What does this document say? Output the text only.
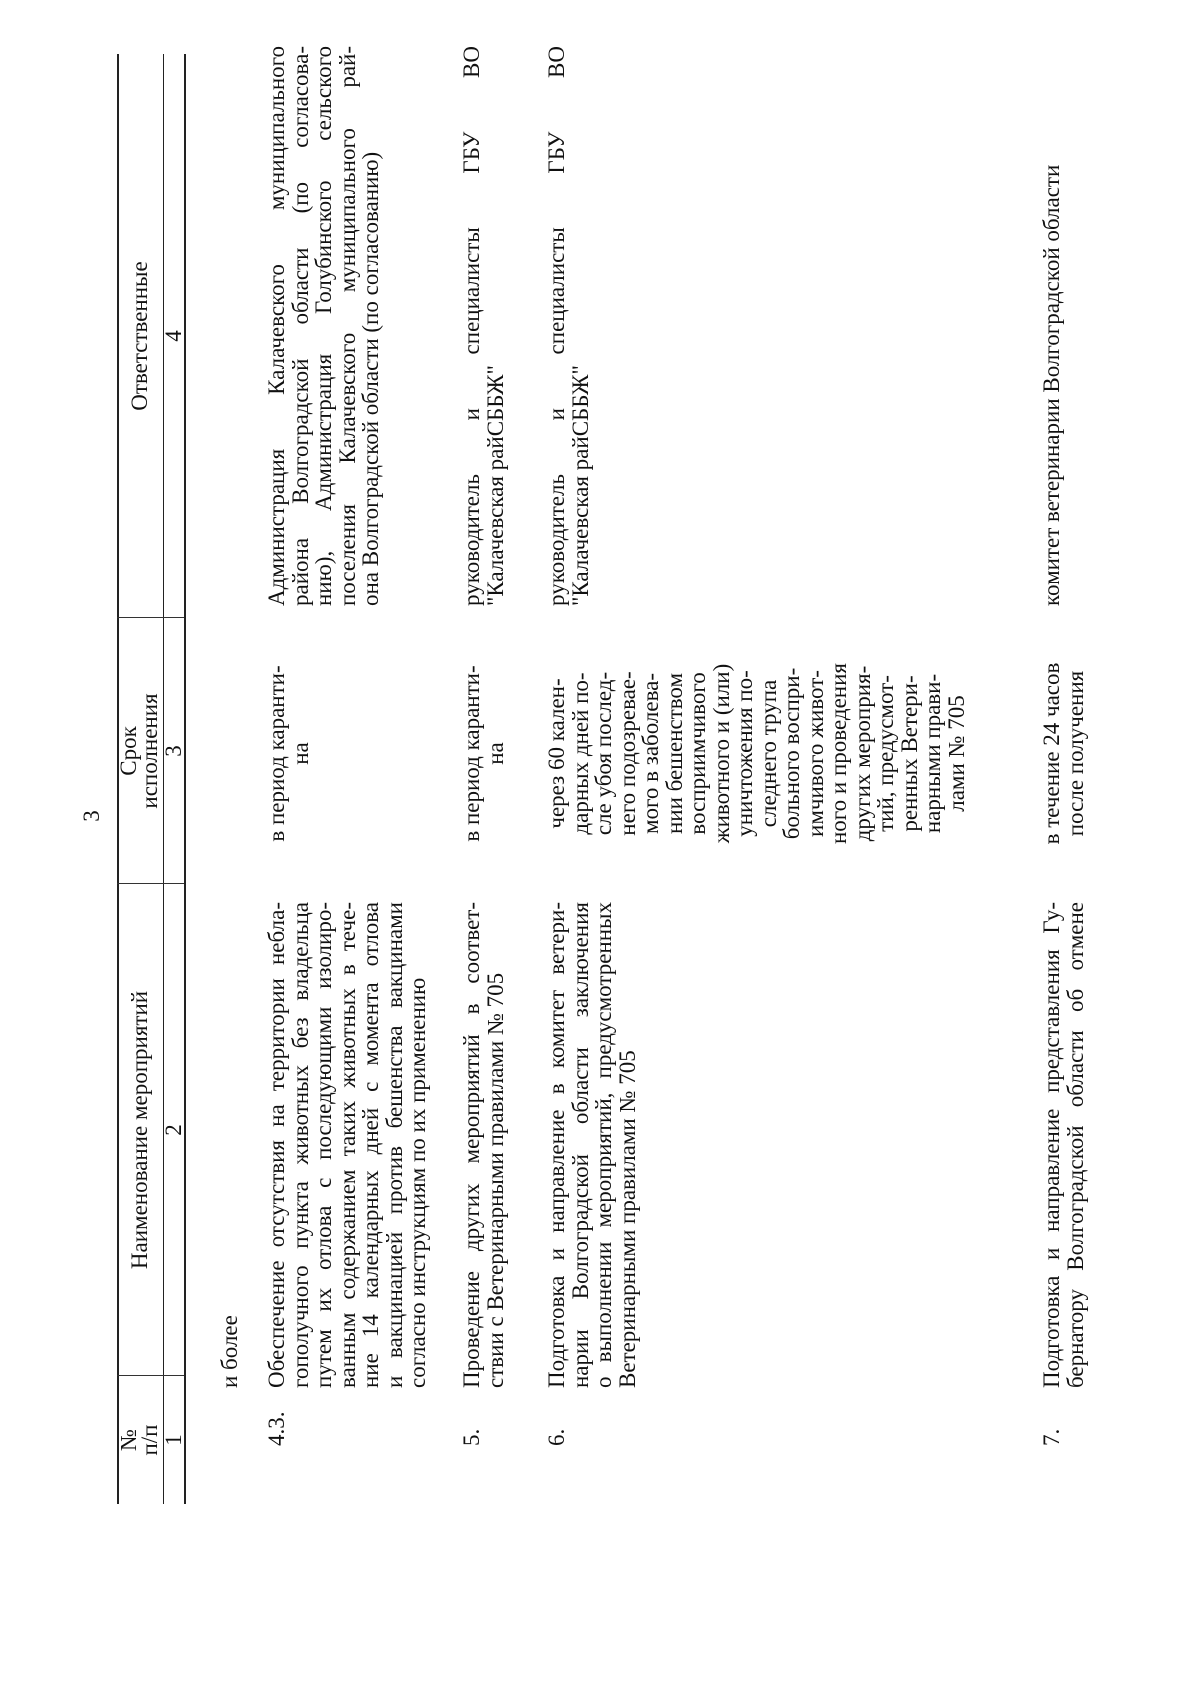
3
№
п/п
Наименование мероприятий
Срок
исполнения
Ответственные
1
2
3
4
и более
4.3.
Обеспечение отсутствия на территории небла-
гополучного пункта животных без владельца
путем их отлова с последующими изолиро-
ванным содержанием таких животных в тече-
ние 14 календарных дней с момента отлова
и вакцинацией против бешенства вакцинами
согласно инструкциям по их применению
в период каранти-
на
Администрация Калачевского муниципального
района Волгоградской области (по согласова-
нию), Администрация Голубинского сельского
поселения Калачевского муниципального рай-
она Волгоградской области (по согласованию)
5.
Проведение других мероприятий в соответ-
ствии с Ветеринарными правилами № 705
в период каранти-
на
руководитель и специалисты ГБУ ВО
"Калачевская райСББЖ"
6.
Подготовка и направление в комитет ветери-
нарии Волгоградской области заключения
о выполнении мероприятий, предусмотренных
Ветеринарными правилами № 705
через 60 кален-
дарных дней по-
сле убоя послед-
него подозревае-
мого в заболева-
нии бешенством
восприимчивого
животного и (или)
уничтожения по-
следнего трупа
больного воспри-
имчивого живот-
ного и проведения
других мероприя-
тий, предусмот-
ренных Ветери-
нарными прави-
лами № 705
руководитель и специалисты ГБУ ВО
"Калачевская райСББЖ"
7.
Подготовка и направление представления Гу-
бернатору Волгоградской области об отмене
в течение 24 часов
после получения
комитет ветеринарии Волгоградской области
